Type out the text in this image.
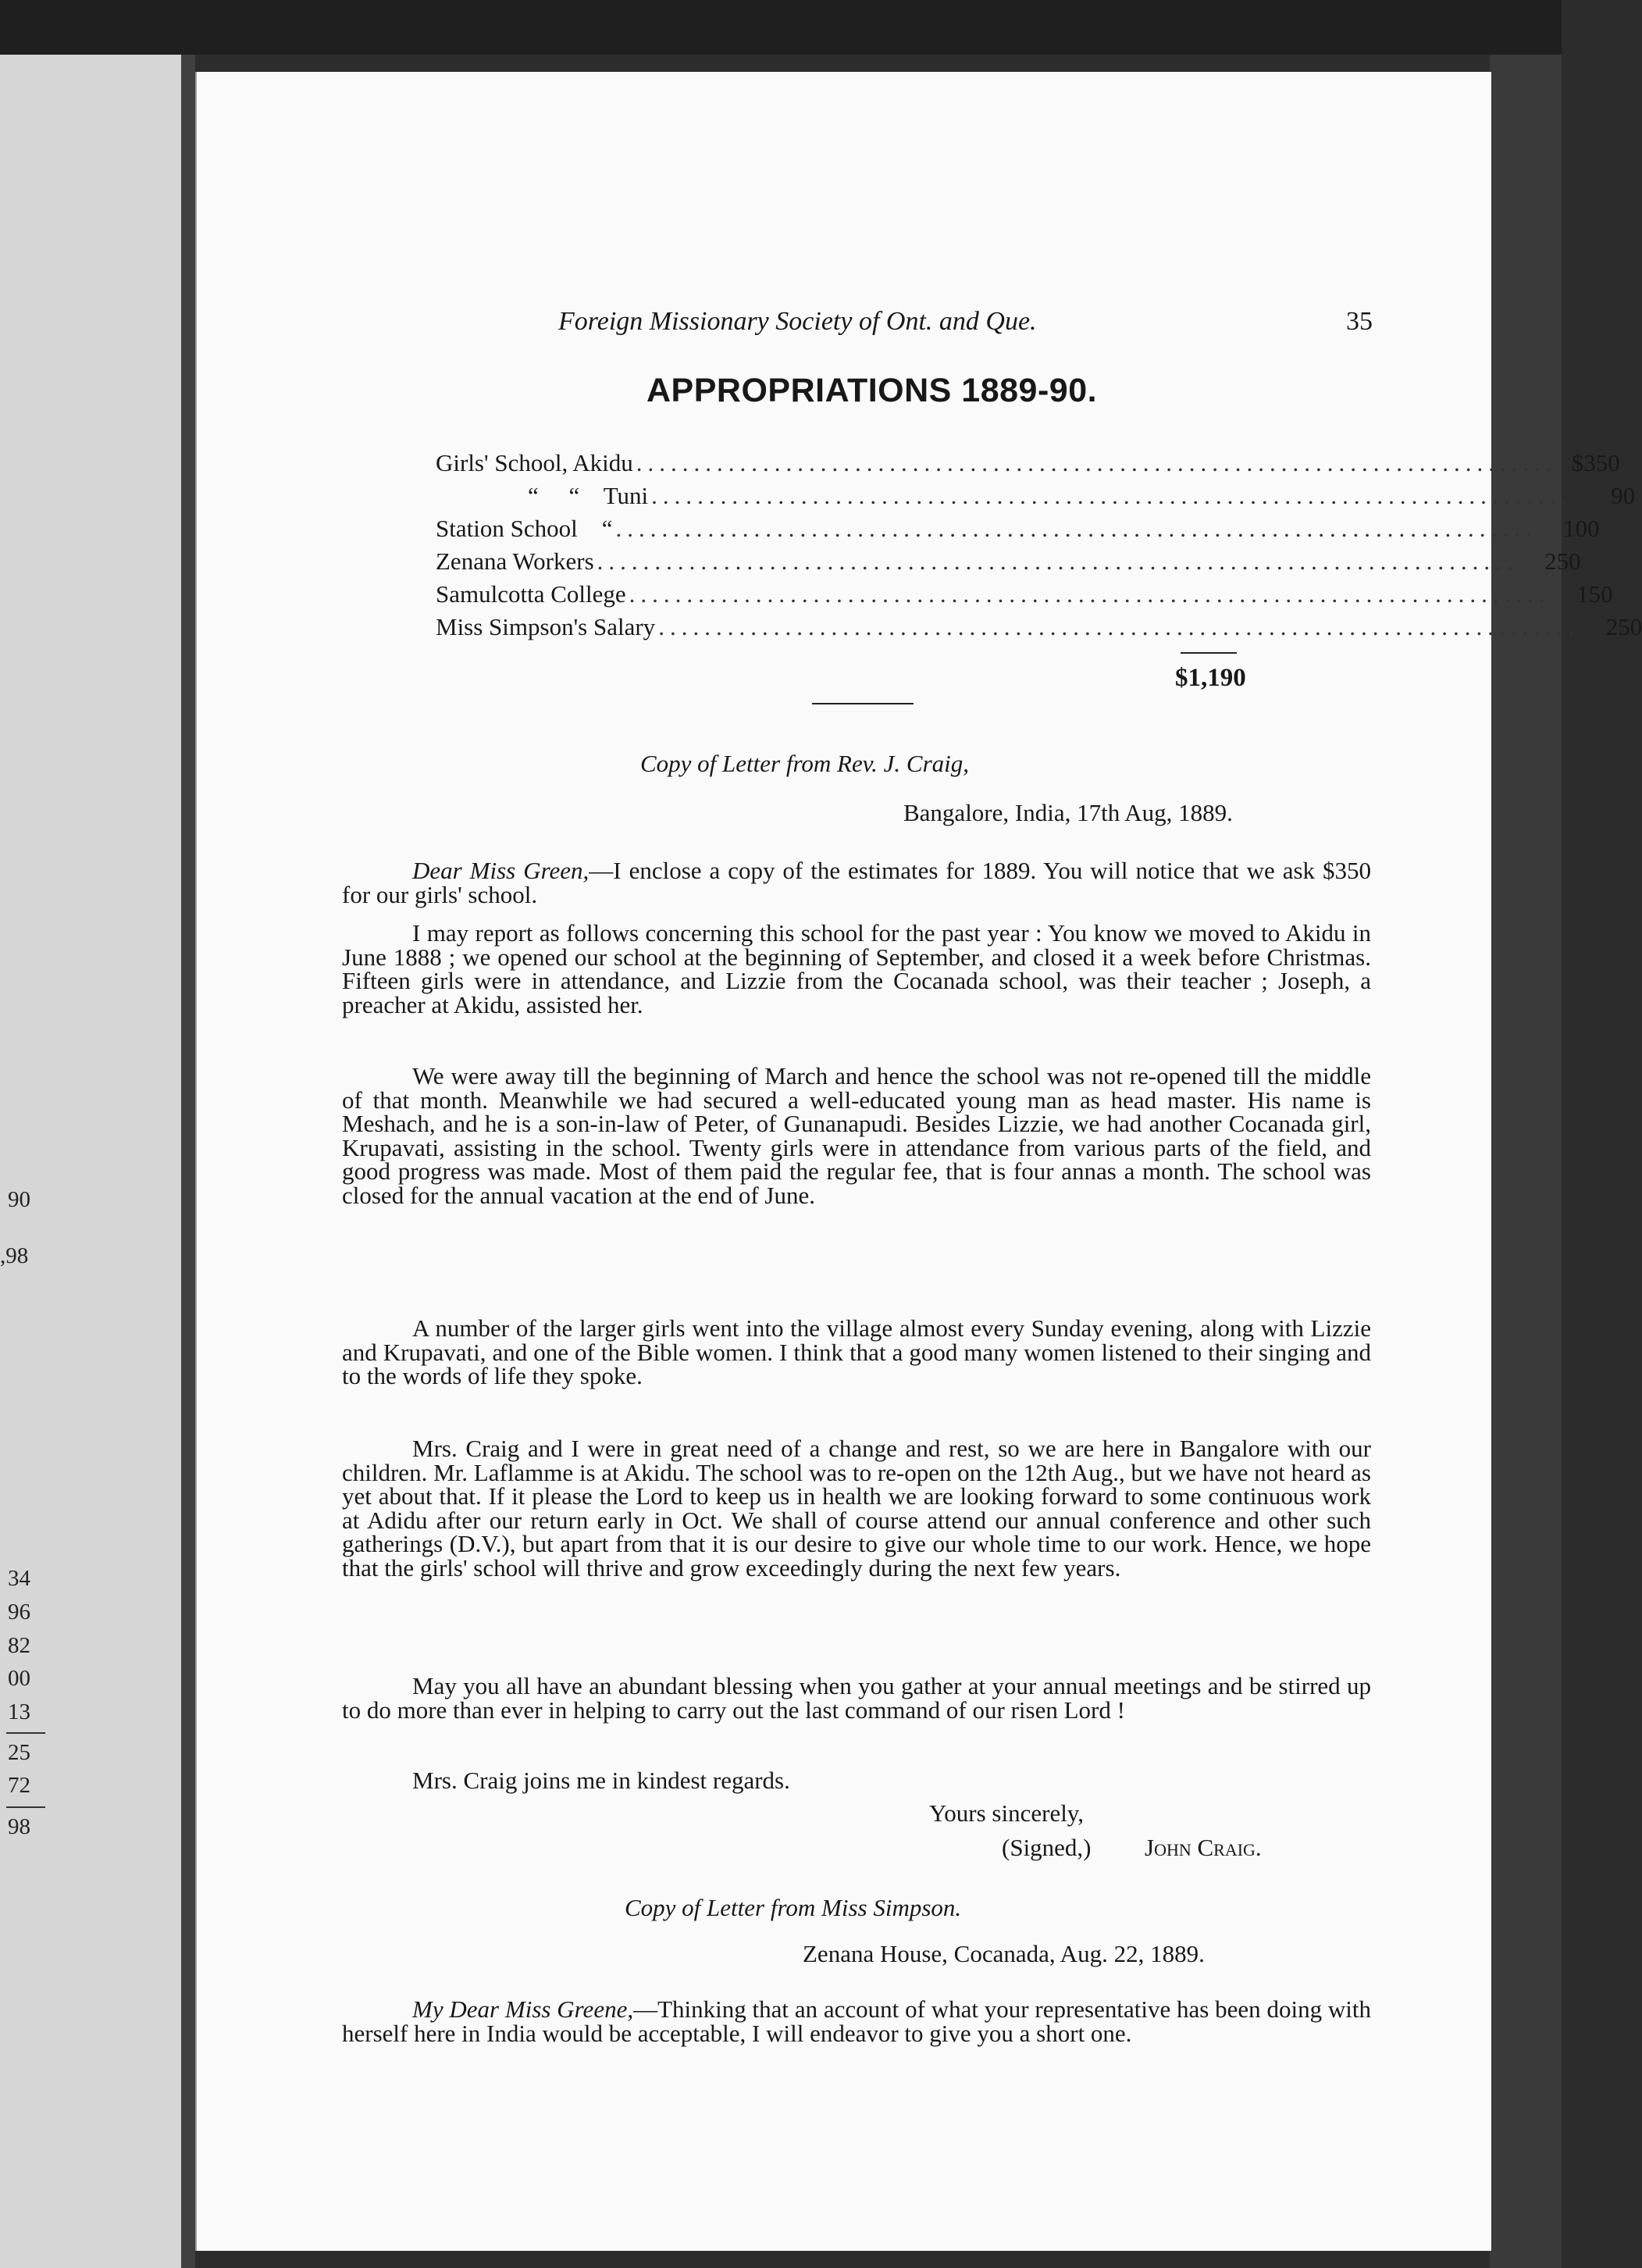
90
,98
34
96
82
00
13
25
72
98
Foreign Missionary Society of Ont. and Que.	35
APPROPRIATIONS 1889-90.
Girls' School, Akidu ................................................................................ $350
“     “    Tuni ................................................................................	90
Station School    “ ................................................................................	100
Zenana Workers ................................................................................	250
Samulcotta College ................................................................................	150
Miss Simpson's Salary ................................................................................	250
$1,190
Copy of Letter from Rev. J. Craig,
Bangalore, India, 17th Aug, 1889.
Dear Miss Green,—I enclose a copy of the estimates for 1889. You will notice that we ask $350 for our girls' school.
I may report as follows concerning this school for the past year : You know we moved to Akidu in June 1888 ; we opened our school at the beginning of September, and closed it a week before Christmas. Fifteen girls were in attendance, and Lizzie from the Cocanada school, was their teacher ; Joseph, a preacher at Akidu, assisted her.
We were away till the beginning of March and hence the school was not re-opened till the middle of that month. Meanwhile we had secured a well-educated young man as head master. His name is Meshach, and he is a son-in-law of Peter, of Gunanapudi. Besides Lizzie, we had another Cocanada girl, Krupavati, assisting in the school. Twenty girls were in attendance from various parts of the field, and good progress was made. Most of them paid the regular fee, that is four annas a month. The school was closed for the annual vacation at the end of June.
A number of the larger girls went into the village almost every Sunday evening, along with Lizzie and Krupavati, and one of the Bible women. I think that a good many women listened to their singing and to the words of life they spoke.
Mrs. Craig and I were in great need of a change and rest, so we are here in Bangalore with our children. Mr. Laflamme is at Akidu. The school was to re-open on the 12th Aug., but we have not heard as yet about that. If it please the Lord to keep us in health we are looking forward to some continuous work at Adidu after our return early in Oct. We shall of course attend our annual conference and other such gatherings (D.V.), but apart from that it is our desire to give our whole time to our work. Hence, we hope that the girls' school will thrive and grow exceedingly during the next few years.
May you all have an abundant blessing when you gather at your annual meetings and be stirred up to do more than ever in helping to carry out the last command of our risen Lord !
Mrs. Craig joins me in kindest regards.
Yours sincerely,
(Signed,) John Craig.
Copy of Letter from Miss Simpson.
Zenana House, Cocanada, Aug. 22, 1889.
My Dear Miss Greene,—Thinking that an account of what your representative has been doing with herself here in India would be acceptable, I will endeavor to give you a short one.
